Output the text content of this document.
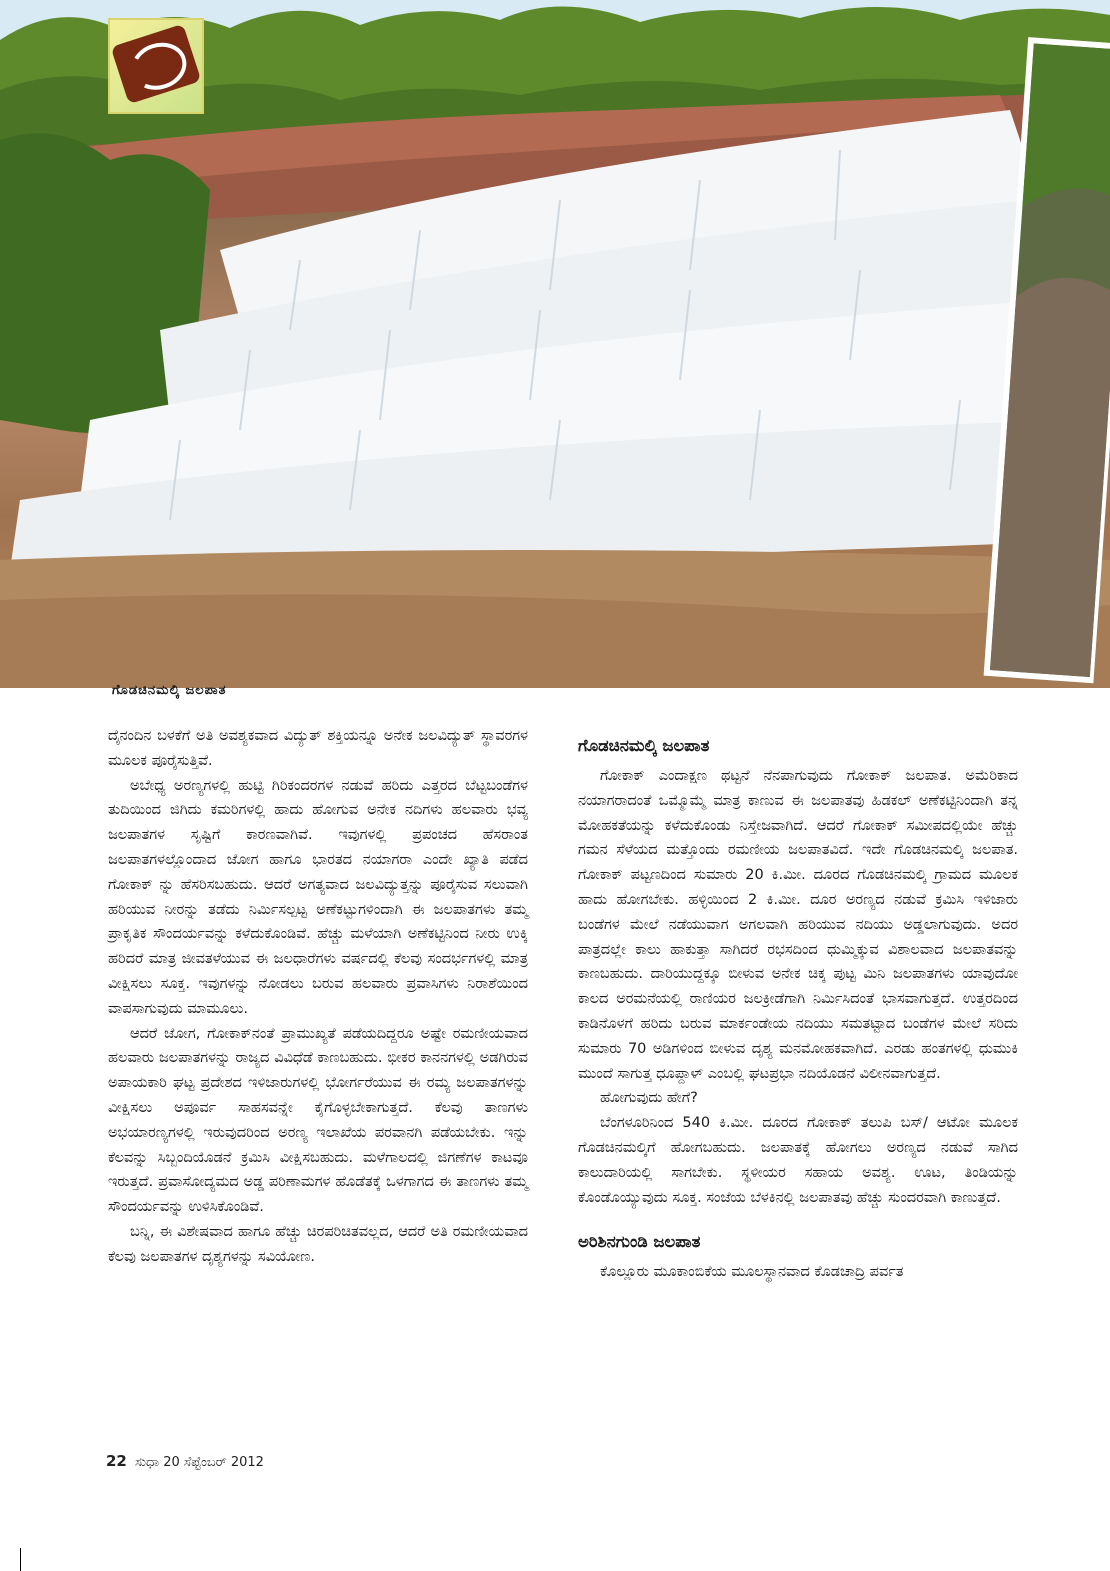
ಗೊಡಚಿನಮಲ್ಕಿ ಜಲಪಾತ

ದೈನಂದಿನ ಬಳಕೆಗೆ ಅತಿ ಅವಶ್ಯಕವಾದ ವಿದ್ಯುತ್ ಶಕ್ತಿಯನ್ನೂ ಅನೇಕ ಜಲವಿದ್ಯುತ್ ಸ್ಥಾವರಗಳ ಮೂಲಕ ಪೂರೈಸುತ್ತಿವೆ.

ಅಬೇಧ್ಯ ಅರಣ್ಯಗಳಲ್ಲಿ ಹುಟ್ಟಿ ಗಿರಿಕಂದರಗಳ ನಡುವೆ ಹರಿದು ಎತ್ತರದ ಬೆಟ್ಟಬಂಡೆಗಳ ತುದಿಯಿಂದ ಜಿಗಿದು ಕಮರಿಗಳಲ್ಲಿ ಹಾದು ಹೋಗುವ ಅನೇಕ ನದಿಗಳು ಹಲವಾರು ಭವ್ಯ ಜಲಪಾತಗಳ ಸೃಷ್ಟಿಗೆ ಕಾರಣವಾಗಿವೆ. ಇವುಗಳಲ್ಲಿ ಪ್ರಪಂಚದ ಹೆಸರಾಂತ ಜಲಪಾತಗಳಲ್ಲೊಂದಾದ ಜೋಗ ಹಾಗೂ ಭಾರತದ ನಯಾಗರಾ ಎಂದೇ ಖ್ಯಾತಿ ಪಡೆದ ಗೋಕಾಕ್ ನ್ನು ಹೆಸರಿಸಬಹುದು. ಆದರೆ ಅಗತ್ಯವಾದ ಜಲವಿದ್ಯುತ್ತನ್ನು ಪೂರೈಸುವ ಸಲುವಾಗಿ ಹರಿಯುವ ನೀರನ್ನು ತಡೆದು ನಿರ್ಮಿಸಲ್ಪಟ್ಟ ಅಣೆಕಟ್ಟುಗಳಿಂದಾಗಿ ಈ ಜಲಪಾತಗಳು ತಮ್ಮ ಪ್ರಾಕೃತಿಕ ಸೌಂದರ್ಯವನ್ನು ಕಳೆದುಕೊಂಡಿವೆ. ಹೆಚ್ಚು ಮಳೆಯಾಗಿ ಅಣೆಕಟ್ಟಿನಿಂದ ನೀರು ಉಕ್ಕಿ ಹರಿದರೆ ಮಾತ್ರ ಜೀವತಳೆಯುವ ಈ ಜಲಧಾರೆಗಳು ವರ್ಷದಲ್ಲಿ ಕೆಲವು ಸಂದರ್ಭಗಳಲ್ಲಿ ಮಾತ್ರ ವೀಕ್ಷಿಸಲು ಸೂಕ್ತ. ಇವುಗಳನ್ನು ನೋಡಲು ಬರುವ ಹಲವಾರು ಪ್ರವಾಸಿಗಳು ನಿರಾಶೆಯಿಂದ ವಾಪಸಾಗುವುದು ಮಾಮೂಲು.

ಆದರೆ ಜೋಗ, ಗೋಕಾಕ್‌ನಂತೆ ಪ್ರಾಮುಖ್ಯತೆ ಪಡೆಯದಿದ್ದರೂ ಅಷ್ಟೇ ರಮಣೀಯವಾದ ಹಲವಾರು ಜಲಪಾತಗಳನ್ನು ರಾಜ್ಯದ ವಿವಿಧೆಡೆ ಕಾಣಬಹುದು. ಭೀಕರ ಕಾನನಗಳಲ್ಲಿ ಅಡಗಿರುವ ಅಪಾಯಕಾರಿ ಘಟ್ಟ ಪ್ರದೇಶದ ಇಳಿಜಾರುಗಳಲ್ಲಿ ಭೋರ್ಗರೆಯುವ ಈ ರಮ್ಯ ಜಲಪಾತಗಳನ್ನು ವೀಕ್ಷಿಸಲು ಅಪೂರ್ವ ಸಾಹಸವನ್ನೇ ಕೈಗೊಳ್ಳಬೇಕಾಗುತ್ತದೆ. ಕೆಲವು ತಾಣಗಳು ಅಭಯಾರಣ್ಯಗಳಲ್ಲಿ ಇರುವುದರಿಂದ ಅರಣ್ಯ ಇಲಾಖೆಯ ಪರವಾನಗಿ ಪಡೆಯಬೇಕು. ಇನ್ನು ಕೆಲವನ್ನು ಸಿಬ್ಬಂದಿಯೊಡನೆ ಕ್ರಮಿಸಿ ವೀಕ್ಷಿಸಬಹುದು. ಮಳೆಗಾಲದಲ್ಲಿ ಜಿಗಣೆಗಳ ಕಾಟವೂ ಇರುತ್ತದೆ. ಪ್ರವಾಸೋದ್ಯಮದ ಅಡ್ಡ ಪರಿಣಾಮಗಳ ಹೊಡೆತಕ್ಕೆ ಒಳಗಾಗದ ಈ ತಾಣಗಳು ತಮ್ಮ ಸೌಂದರ್ಯವನ್ನು ಉಳಿಸಿಕೊಂಡಿವೆ.

ಬನ್ನಿ, ಈ ವಿಶೇಷವಾದ ಹಾಗೂ ಹೆಚ್ಚು ಚಿರಪರಿಚಿತವಲ್ಲದ, ಆದರೆ ಅತಿ ರಮಣೀಯವಾದ ಕೆಲವು ಜಲಪಾತಗಳ ದೃಶ್ಯಗಳನ್ನು ಸವಿಯೋಣ.

ಗೊಡಚಿನಮಲ್ಕಿ ಜಲಪಾತ

ಗೋಕಾಕ್ ಎಂದಾಕ್ಷಣ ಥಟ್ಟನೆ ನೆನಪಾಗುವುದು ಗೋಕಾಕ್ ಜಲಪಾತ. ಅಮೆರಿಕಾದ ನಯಾಗರಾದಂತೆ ಒಮ್ಮೊಮ್ಮೆ ಮಾತ್ರ ಕಾಣುವ ಈ ಜಲಪಾತವು ಹಿಡಕಲ್ ಅಣೆಕಟ್ಟಿನಿಂದಾಗಿ ತನ್ನ ಮೋಹಕತೆಯನ್ನು ಕಳೆದುಕೊಂಡು ನಿಸ್ತೇಜವಾಗಿದೆ. ಆದರೆ ಗೋಕಾಕ್ ಸಮೀಪದಲ್ಲಿಯೇ ಹೆಚ್ಚು ಗಮನ ಸೆಳೆಯದ ಮತ್ತೊಂದು ರಮಣೀಯ ಜಲಪಾತವಿದೆ. ಇದೇ ಗೊಡಚಿನಮಲ್ಕಿ ಜಲಪಾತ. ಗೋಕಾಕ್ ಪಟ್ಟಣದಿಂದ ಸುಮಾರು 20 ಕಿ.ಮೀ. ದೂರದ ಗೊಡಚಿನಮಲ್ಕಿ ಗ್ರಾಮದ ಮೂಲಕ ಹಾದು ಹೋಗಬೇಕು. ಹಳ್ಳಿಯಿಂದ 2 ಕಿ.ಮೀ. ದೂರ ಅರಣ್ಯದ ನಡುವೆ ಕ್ರಮಿಸಿ ಇಳಿಜಾರು ಬಂಡೆಗಳ ಮೇಲೆ ನಡೆಯುವಾಗ ಅಗಲವಾಗಿ ಹರಿಯುವ ನದಿಯು ಅಡ್ಡಲಾಗುವುದು. ಅದರ ಪಾತ್ರದಲ್ಲೇ ಕಾಲು ಹಾಕುತ್ತಾ ಸಾಗಿದರೆ ರಭಸದಿಂದ ಧುಮ್ಮಿಕ್ಕುವ ವಿಶಾಲವಾದ ಜಲಪಾತವನ್ನು ಕಾಣಬಹುದು. ದಾರಿಯುದ್ದಕ್ಕೂ ಬೀಳುವ ಅನೇಕ ಚಿಕ್ಕ ಪುಟ್ಟ ಮಿನಿ ಜಲಪಾತಗಳು ಯಾವುದೋ ಕಾಲದ ಅರಮನೆಯಲ್ಲಿ ರಾಣಿಯರ ಜಲಕ್ರೀಡೆಗಾಗಿ ನಿರ್ಮಿಸಿದಂತೆ ಭಾಸವಾಗುತ್ತದೆ. ಉತ್ತರದಿಂದ ಕಾಡಿನೊಳಗೆ ಹರಿದು ಬರುವ ಮಾರ್ಕಂಡೇಯ ನದಿಯು ಸಮತಟ್ಟಾದ ಬಂಡೆಗಳ ಮೇಲೆ ಸರಿದು ಸುಮಾರು 70 ಅಡಿಗಳಿಂದ ಬೀಳುವ ದೃಶ್ಯ ಮನಮೋಹಕವಾಗಿದೆ. ಎರಡು ಹಂತಗಳಲ್ಲಿ ಧುಮುಕಿ ಮುಂದೆ ಸಾಗುತ್ತ ಧೂಪ್ದಾಳ್ ಎಂಬಲ್ಲಿ ಘಟಪ್ರಭಾ ನದಿಯೊಡನೆ ವಿಲೀನವಾಗುತ್ತದೆ.

ಹೋಗುವುದು ಹೇಗೆ?

ಬೆಂಗಳೂರಿನಿಂದ 540 ಕಿ.ಮೀ. ದೂರದ ಗೋಕಾಕ್ ತಲುಪಿ ಬಸ್/ ಆಟೋ ಮೂಲಕ ಗೊಡಚಿನಮಲ್ಕಿಗೆ ಹೋಗಬಹುದು. ಜಲಪಾತಕ್ಕೆ ಹೋಗಲು ಅರಣ್ಯದ ನಡುವೆ ಸಾಗಿದ ಕಾಲುದಾರಿಯಲ್ಲಿ ಸಾಗಬೇಕು. ಸ್ಥಳೀಯರ ಸಹಾಯ ಅವಶ್ಯ. ಊಟ, ತಿಂಡಿಯನ್ನು ಕೊಂಡೊಯ್ಯುವುದು ಸೂಕ್ತ. ಸಂಜೆಯ ಬೆಳಕಿನಲ್ಲಿ ಜಲಪಾತವು ಹೆಚ್ಚು ಸುಂದರವಾಗಿ ಕಾಣುತ್ತದೆ.

ಅರಿಶಿನಗುಂಡಿ ಜಲಪಾತ

ಕೊಲ್ಲೂರು ಮೂಕಾಂಬಿಕೆಯ ಮೂಲಸ್ಥಾನವಾದ ಕೊಡಚಾದ್ರಿ ಪರ್ವತ

22 ಸುಧಾ 20 ಸೆಪ್ಟೆಂಬರ್ 2012
